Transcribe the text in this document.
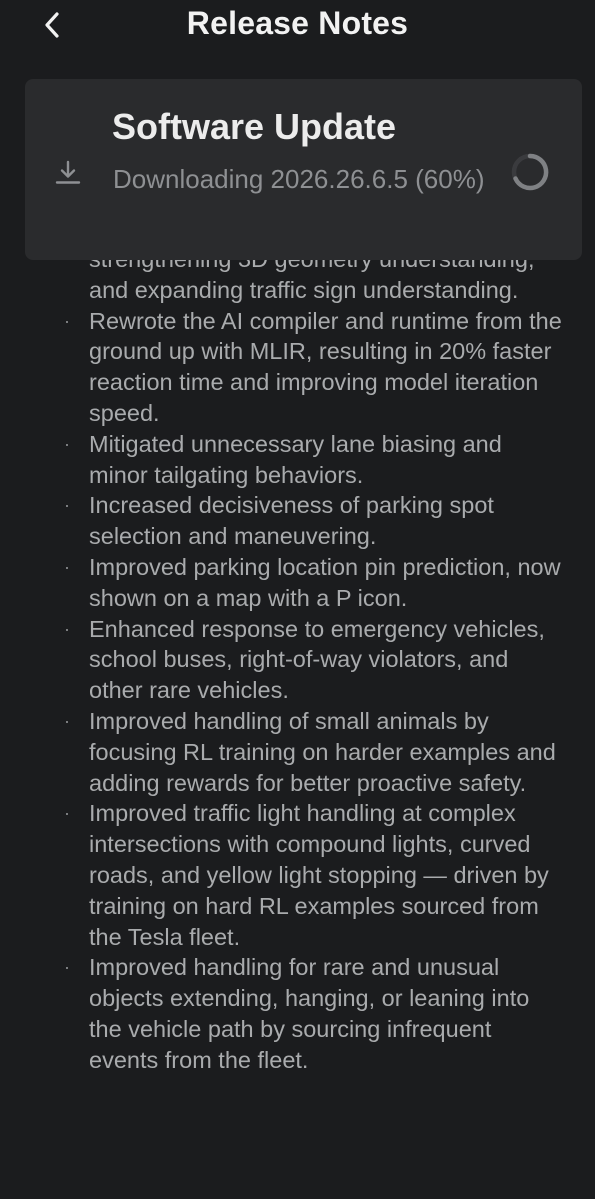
Release Notes
Software Update
Downloading 2026.26.6.5 (60%)
and expanding traffic sign understanding.
· Rewrote the AI compiler and runtime from the ground up with MLIR, resulting in 20% faster reaction time and improving model iteration speed.
· Mitigated unnecessary lane biasing and minor tailgating behaviors.
· Increased decisiveness of parking spot selection and maneuvering.
· Improved parking location pin prediction, now shown on a map with a P icon.
· Enhanced response to emergency vehicles, school buses, right-of-way violators, and other rare vehicles.
· Improved handling of small animals by focusing RL training on harder examples and adding rewards for better proactive safety.
· Improved traffic light handling at complex intersections with compound lights, curved roads, and yellow light stopping — driven by training on hard RL examples sourced from the Tesla fleet.
· Improved handling for rare and unusual objects extending, hanging, or leaning into the vehicle path by sourcing infrequent events from the fleet.
